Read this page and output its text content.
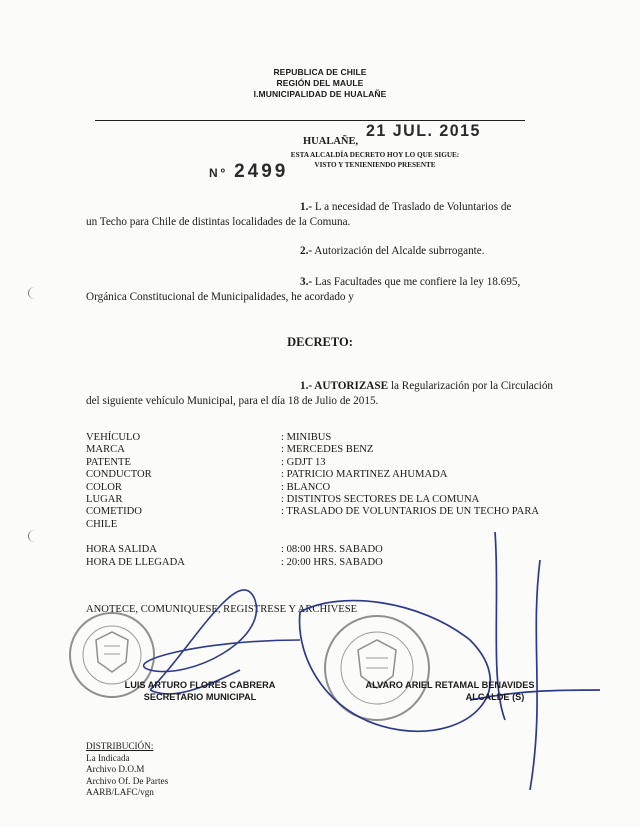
REPUBLICA DE CHILE
REGIÓN DEL MAULE
I.MUNICIPALIDAD DE HUALAÑE
21 JUL. 2015
HUALAÑE,
ESTA ALCALDÍA DECRETO HOY LO QUE SIGUE:
VISTO Y TENIENIENDO PRESENTE
Nº 2499
1.- L a necesidad de Traslado de Voluntarios de
un Techo para Chile de distintas localidades de la Comuna.
2.- Autorización del Alcalde subrrogante.
3.- Las Facultades que me confiere la ley 18.695,
Orgánica Constitucional de Municipalidades, he acordado y
DECRETO:
1.- AUTORIZASE la Regularización por la Circulación
del siguiente vehículo Municipal, para el día 18 de Julio de 2015.
VEHÍCULO	: MINIBUS
MARCA	: MERCEDES BENZ
PATENTE	: GDJT 13
CONDUCTOR	: PATRICIO MARTINEZ AHUMADA
COLOR	: BLANCO
LUGAR	: DISTINTOS SECTORES DE LA COMUNA
COMETIDO	: TRASLADO DE VOLUNTARIOS DE UN TECHO PARA
CHILE
HORA SALIDA	: 08:00 HRS. SABADO
HORA DE LLEGADA	: 20:00 HRS. SABADO
ANOTECE, COMUNIQUESE, REGISTRESE Y ARCHIVESE
LUIS ARTURO FLORES CABRERA
SECRETARIO MUNICIPAL
ALVARO ARIEL RETAMAL BENAVIDES
ALCALDE (S)
DISTRIBUCIÓN:
La Indicada
Archivo D.O.M
Archivo Of. De Partes
AARB/LAFC/vgn
